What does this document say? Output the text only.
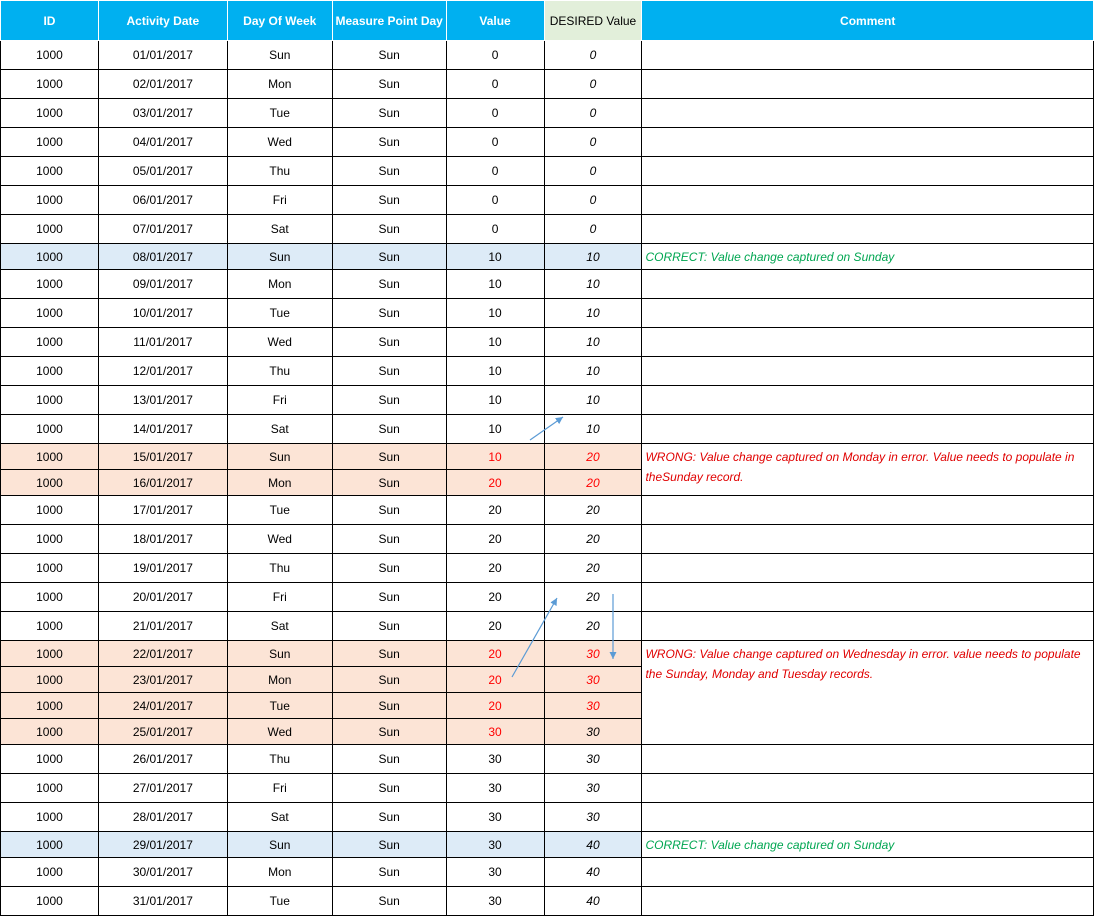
ID	Activity Date	Day Of Week	Measure Point Day	Value	DESIRED Value	Comment
1000	01/01/2017	Sun	Sun	0	0	
1000	02/01/2017	Mon	Sun	0	0	
1000	03/01/2017	Tue	Sun	0	0	
1000	04/01/2017	Wed	Sun	0	0	
1000	05/01/2017	Thu	Sun	0	0	
1000	06/01/2017	Fri	Sun	0	0	
1000	07/01/2017	Sat	Sun	0	0	
1000	08/01/2017	Sun	Sun	10	10	CORRECT: Value change captured on Sunday
1000	09/01/2017	Mon	Sun	10	10	
1000	10/01/2017	Tue	Sun	10	10	
1000	11/01/2017	Wed	Sun	10	10	
1000	12/01/2017	Thu	Sun	10	10	
1000	13/01/2017	Fri	Sun	10	10	
1000	14/01/2017	Sat	Sun	10	10	
1000	15/01/2017	Sun	Sun	10	20	WRONG: Value change captured on Monday in error. Value needs to populate in theSunday record.
1000	16/01/2017	Mon	Sun	20	20	
1000	17/01/2017	Tue	Sun	20	20	
1000	18/01/2017	Wed	Sun	20	20	
1000	19/01/2017	Thu	Sun	20	20	
1000	20/01/2017	Fri	Sun	20	20	
1000	21/01/2017	Sat	Sun	20	20	
1000	22/01/2017	Sun	Sun	20	30	WRONG: Value change captured on Wednesday in error. value needs to populate the Sunday, Monday and Tuesday records.
1000	23/01/2017	Mon	Sun	20	30	
1000	24/01/2017	Tue	Sun	20	30	
1000	25/01/2017	Wed	Sun	30	30	
1000	26/01/2017	Thu	Sun	30	30	
1000	27/01/2017	Fri	Sun	30	30	
1000	28/01/2017	Sat	Sun	30	30	
1000	29/01/2017	Sun	Sun	30	40	CORRECT: Value change captured on Sunday
1000	30/01/2017	Mon	Sun	30	40	
1000	31/01/2017	Tue	Sun	30	40	
